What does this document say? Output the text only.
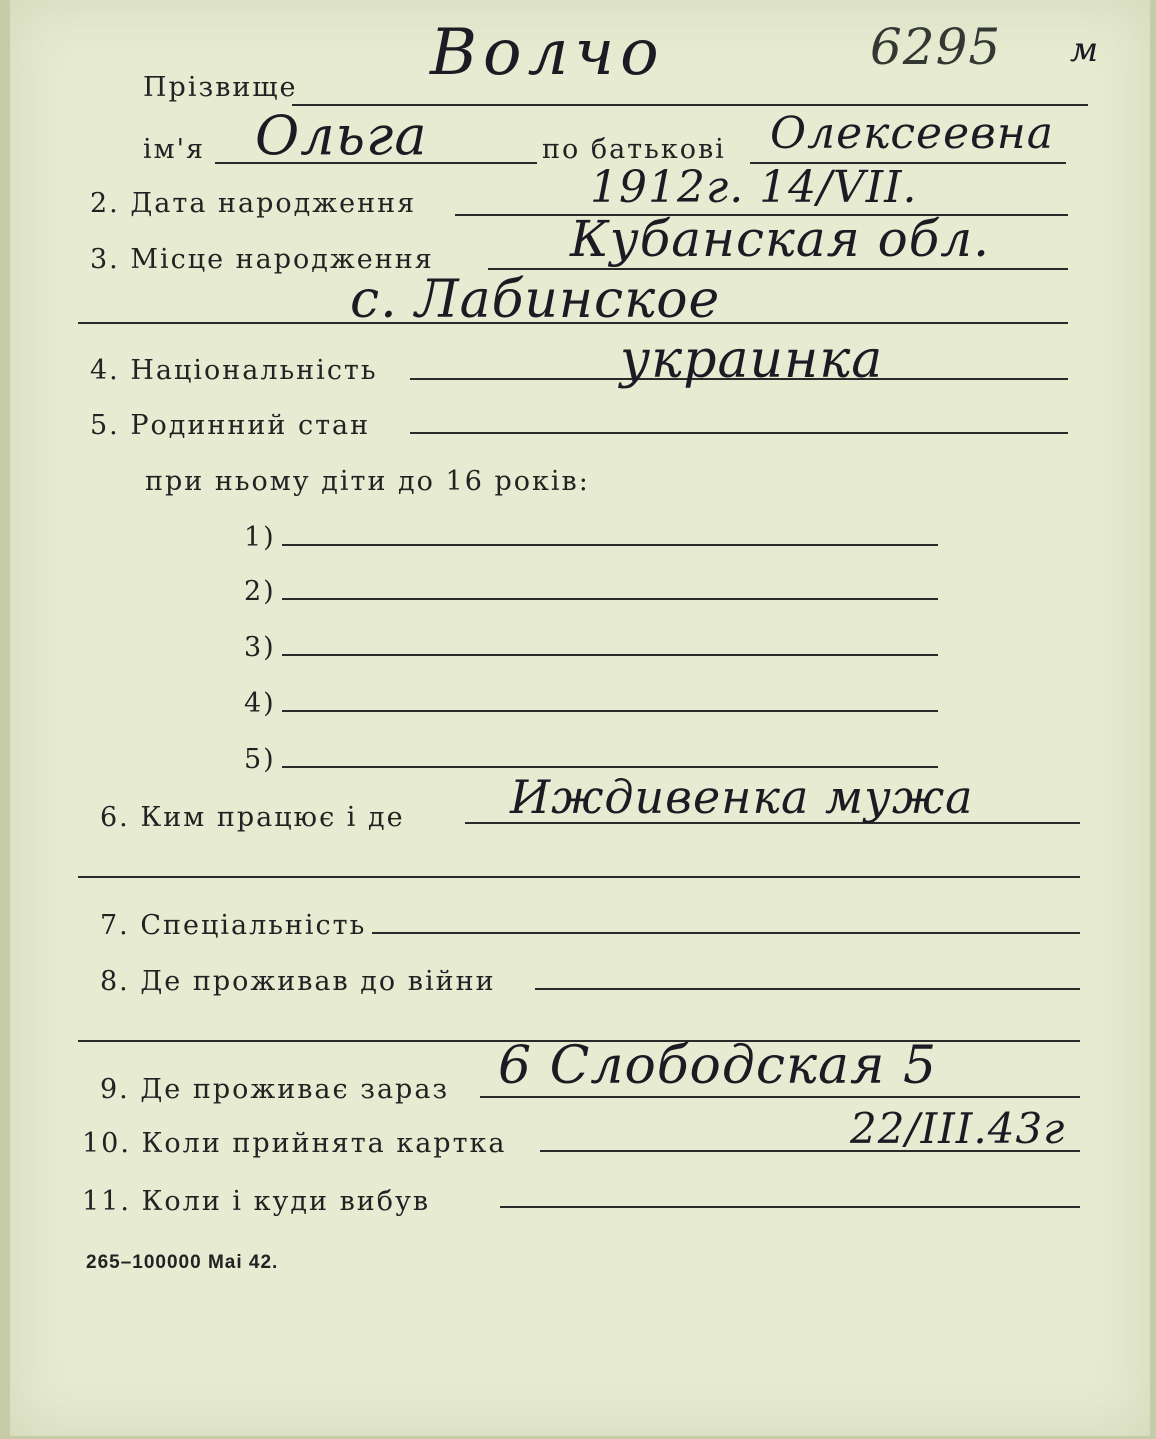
Прізвище Волчо	6295 м
ім'я Ольга	по батькові Олексеевна
2. Дата народження	1912г. 14/VII.
3. Місце народження	Кубанская обл.
с. Лабинское
4. Національність	украинка
5. Родинний стан
при ньому діти до 16 років:
1)
2)
3)
4)
5)
6. Ким працює і де Иждивенка мужа
7. Спеціальність
8. Де проживав до війни
9. Де проживає зараз 6 Слободская 5
10. Коли прийнята картка	22/III.43г
11. Коли і куди вибув
265–100000 Mai 42.
